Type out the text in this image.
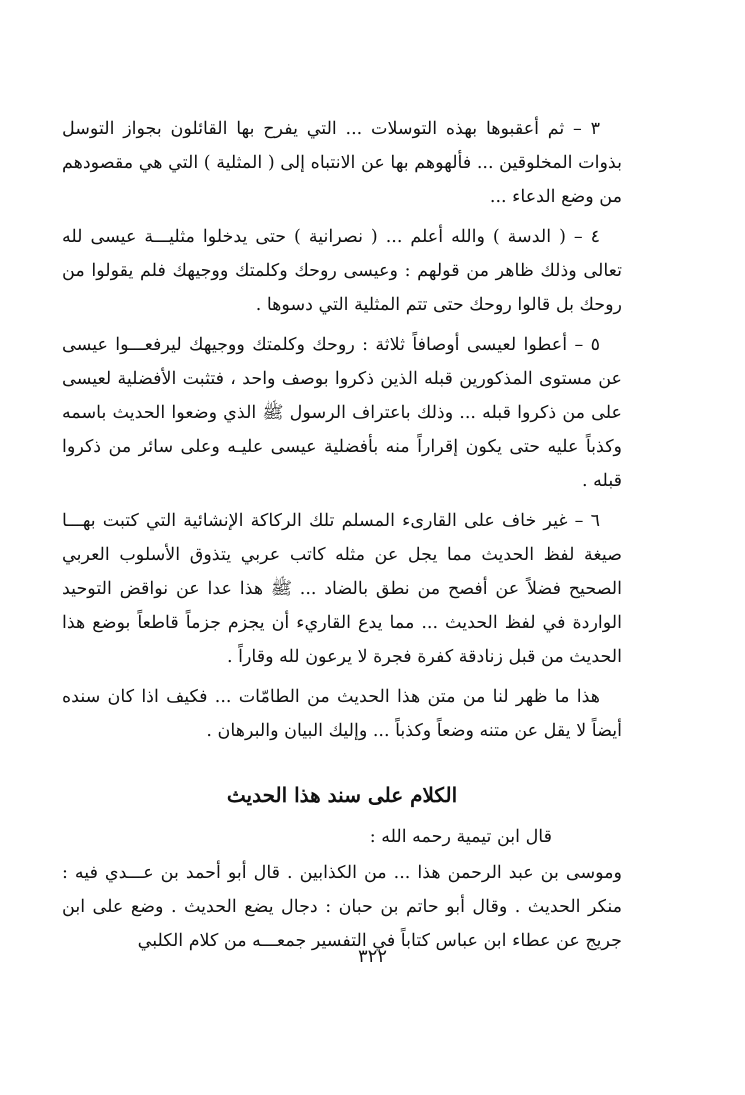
٣ – ثم أعقبوها بهذه التوسلات ... التي يفرح بها القائلون بجواز التوسل بذوات المخلوقين ... فألهوهم بها عن الانتباه إلى ( المثلية ) التي هي مقصودهم من وضع الدعاء ...

٤ – ( الدسة ) والله أعلم ... ( نصرانية ) حتى يدخلوا مثليـــة عيسى لله تعالى وذلك ظاهر من قولهم : وعيسى روحك وكلمتك ووجيهك فلم يقولوا من روحك بل قالوا روحك حتى تتم المثلية التي دسوها .

٥ – أعطوا لعيسى أوصافاً ثلاثة : روحك وكلمتك ووجيهك ليرفعـــوا عيسى عن مستوى المذكورين قبله الذين ذكروا بوصف واحد ، فتثبت الأفضلية لعيسى على من ذكروا قبله ... وذلك باعتراف الرسول ﷺ الذي وضعوا الحديث باسمه وكذباً عليه حتى يكون إقراراً منه بأفضلية عيسى عليـه وعلى سائر من ذكروا قبله .

٦ – غير خاف على القارىء المسلم تلك الركاكة الإنشائية التي كتبت بهـــا صيغة لفظ الحديث مما يجل عن مثله كاتب عربي يتذوق الأسلوب العربي الصحيح فضلاً عن أفصح من نطق بالضاد ... ﷺ هذا عدا عن نواقض التوحيد الواردة في لفظ الحديث ... مما يدع القاريء أن يجزم جزماً قاطعاً بوضع هذا الحديث من قبل زنادقة كفرة فجرة لا يرعون لله وقاراً .

هذا ما ظهر لنا من متن هذا الحديث من الطامّات ... فكيف اذا كان سنده أيضاً لا يقل عن متنه وضعاً وكذباً ... وإليك البيان والبرهان .

الكلام على سند هذا الحديث

قال ابن تيمية رحمه الله :

وموسى بن عبد الرحمن هذا ... من الكذابين . قال أبو أحمد بن عـــدي فيه : منكر الحديث . وقال أبو حاتم بن حبان : دجال يضع الحديث . وضع على ابن جريج عن عطاء ابن عباس كتاباً في التفسير جمعـــه من كلام الكلبي

٣٢٢
